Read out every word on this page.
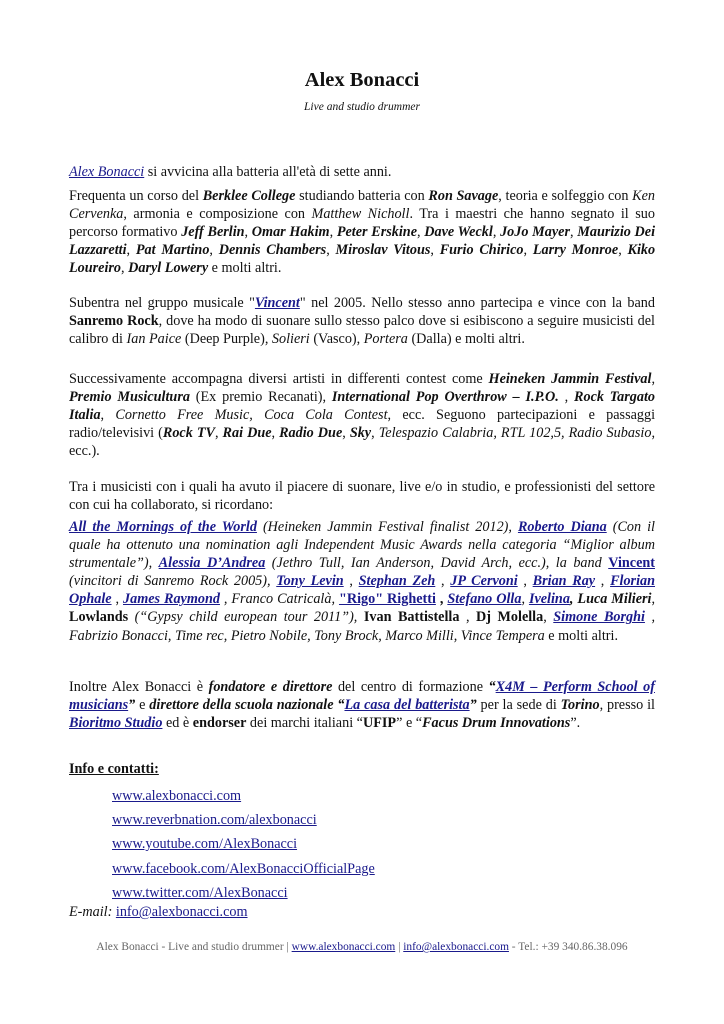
Alex Bonacci

Live and studio drummer

Alex Bonacci si avvicina alla batteria all'età di sette anni.

Frequenta un corso del Berklee College studiando batteria con Ron Savage, teoria e solfeggio con Ken Cervenka, armonia e composizione con Matthew Nicholl. Tra i maestri che hanno segnato il suo percorso formativo Jeff Berlin, Omar Hakim, Peter Erskine, Dave Weckl, JoJo Mayer, Maurizio Dei Lazzaretti, Pat Martino, Dennis Chambers, Miroslav Vitous, Furio Chirico, Larry Monroe, Kiko Loureiro, Daryl Lowery e molti altri.

Subentra nel gruppo musicale "Vincent" nel 2005. Nello stesso anno partecipa e vince con la band Sanremo Rock, dove ha modo di suonare sullo stesso palco dove si esibiscono a seguire musicisti del calibro di Ian Paice (Deep Purple), Solieri (Vasco), Portera (Dalla) e molti altri.

Successivamente accompagna diversi artisti in differenti contest come Heineken Jammin Festival, Premio Musicultura (Ex premio Recanati), International Pop Overthrow – I.P.O. , Rock Targato Italia, Cornetto Free Music, Coca Cola Contest, ecc. Seguono partecipazioni e passaggi radio/televisivi (Rock TV, Rai Due, Radio Due, Sky, Telespazio Calabria, RTL 102,5, Radio Subasio, ecc.).

Tra i musicisti con i quali ha avuto il piacere di suonare, live e/o in studio, e professionisti del settore con cui ha collaborato, si ricordano:

All the Mornings of the World (Heineken Jammin Festival finalist 2012), Roberto Diana (Con il quale ha ottenuto una nomination agli Independent Music Awards nella categoria “Miglior album strumentale”), Alessia D’Andrea (Jethro Tull, Ian Anderson, David Arch, ecc.), la band Vincent (vincitori di Sanremo Rock 2005), Tony Levin , Stephan Zeh , JP Cervoni , Brian Ray , Florian Ophale , James Raymond , Franco Catricalà, "Rigo" Righetti , Stefano Olla, Ivelina, Luca Milieri, Lowlands (“Gypsy child european tour 2011”), Ivan Battistella , Dj Molella, Simone Borghi , Fabrizio Bonacci, Time rec, Pietro Nobile, Tony Brock, Marco Milli, Vince Tempera e molti altri.

Inoltre Alex Bonacci è fondatore e direttore del centro di formazione “X4M – Perform School of musicians” e direttore della scuola nazionale “La casa del batterista” per la sede di Torino, presso il Bioritmo Studio ed è endorser dei marchi italiani “UFIP” e “Facus Drum Innovations”.

Info e contatti:

www.alexbonacci.com
www.reverbnation.com/alexbonacci
www.youtube.com/AlexBonacci
www.facebook.com/AlexBonacciOfficialPage
www.twitter.com/AlexBonacci

E-mail: info@alexbonacci.com

Alex Bonacci - Live and studio drummer | www.alexbonacci.com | info@alexbonacci.com - Tel.: +39 340.86.38.096
